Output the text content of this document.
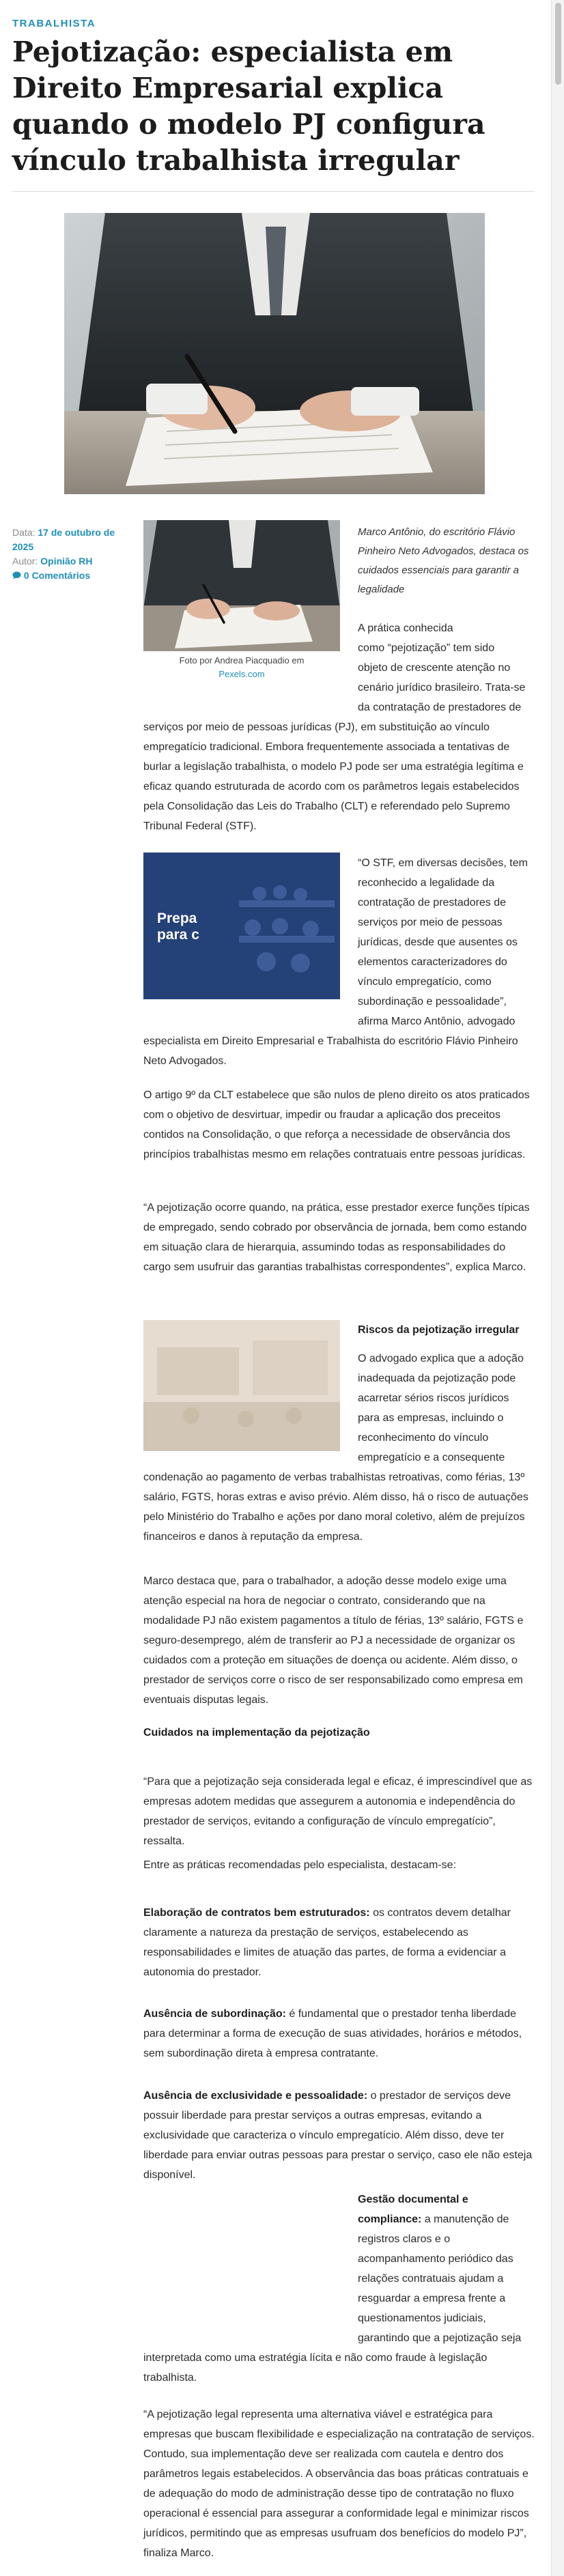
TRABALHISTA
Pejotização: especialista em Direito Empresarial explica quando o modelo PJ configura vínculo trabalhista irregular
Data: 17 de outubro de 2025
Autor: Opinião RH
0 Comentários
Foto por Andrea Piacquadio em
Pexels.com
Marco Antônio, do escritório Flávio Pinheiro Neto Advogados, destaca os cuidados essenciais para garantir a legalidade
A prática conhecida
como “pejotização” tem sido
objeto de crescente atenção no
cenário jurídico brasileiro. Trata-se
da contratação de prestadores de
serviços por meio de pessoas jurídicas (PJ), em substituição ao vínculo empregatício tradicional. Embora frequentemente associada a tentativas de burlar a legislação trabalhista, o modelo PJ pode ser uma estratégia legítima e eficaz quando estruturada de acordo com os parâmetros legais estabelecidos pela Consolidação das Leis do Trabalho (CLT) e referendado pelo Supremo Tribunal Federal (STF).
Prepa
para c
“O STF, em diversas decisões, tem
reconhecido a legalidade da
contratação de prestadores de
serviços por meio de pessoas
jurídicas, desde que ausentes os
elementos caracterizadores do
vínculo empregatício, como
subordinação e pessoalidade”,
afirma Marco Antônio, advogado
especialista em Direito Empresarial e Trabalhista do escritório Flávio Pinheiro Neto Advogados.
O artigo 9º da CLT estabelece que são nulos de pleno direito os atos praticados com o objetivo de desvirtuar, impedir ou fraudar a aplicação dos preceitos contidos na Consolidação, o que reforça a necessidade de observância dos princípios trabalhistas mesmo em relações contratuais entre pessoas jurídicas.
“A pejotização ocorre quando, na prática, esse prestador exerce funções típicas de empregado, sendo cobrado por observância de jornada, bem como estando em situação clara de hierarquia, assumindo todas as responsabilidades do cargo sem usufruir das garantias trabalhistas correspondentes”, explica Marco.
Riscos da pejotização irregular
O advogado explica que a adoção
inadequada da pejotização pode
acarretar sérios riscos jurídicos
para as empresas, incluindo o
reconhecimento do vínculo
empregatício e a consequente
condenação ao pagamento de verbas trabalhistas retroativas, como férias, 13º salário, FGTS, horas extras e aviso prévio. Além disso, há o risco de autuações pelo Ministério do Trabalho e ações por dano moral coletivo, além de prejuízos financeiros e danos à reputação da empresa.
Marco destaca que, para o trabalhador, a adoção desse modelo exige uma atenção especial na hora de negociar o contrato, considerando que na modalidade PJ não existem pagamentos a título de férias, 13º salário, FGTS e seguro-desemprego, além de transferir ao PJ a necessidade de organizar os cuidados com a proteção em situações de doença ou acidente. Além disso, o prestador de serviços corre o risco de ser responsabilizado como empresa em eventuais disputas legais.
Cuidados na implementação da pejotização
“Para que a pejotização seja considerada legal e eficaz, é imprescindível que as empresas adotem medidas que assegurem a autonomia e independência do prestador de serviços, evitando a configuração de vínculo empregatício”, ressalta.
Entre as práticas recomendadas pelo especialista, destacam-se:
Elaboração de contratos bem estruturados: os contratos devem detalhar claramente a natureza da prestação de serviços, estabelecendo as responsabilidades e limites de atuação das partes, de forma a evidenciar a autonomia do prestador.
Ausência de subordinação: é fundamental que o prestador tenha liberdade para determinar a forma de execução de suas atividades, horários e métodos, sem subordinação direta à empresa contratante.
Ausência de exclusividade e pessoalidade: o prestador de serviços deve possuir liberdade para prestar serviços a outras empresas, evitando a exclusividade que caracteriza o vínculo empregatício. Além disso, deve ter liberdade para enviar outras pessoas para prestar o serviço, caso ele não esteja disponível.
Gestão documental e
compliance: a manutenção de
registros claros e o
acompanhamento periódico das
relações contratuais ajudam a
resguardar a empresa frente a
questionamentos judiciais,
garantindo que a pejotização seja
interpretada como uma estratégia lícita e não como fraude à legislação trabalhista.
“A pejotização legal representa uma alternativa viável e estratégica para empresas que buscam flexibilidade e especialização na contratação de serviços. Contudo, sua implementação deve ser realizada com cautela e dentro dos parâmetros legais estabelecidos. A observância das boas práticas contratuais e de adequação do modo de administração desse tipo de contratação no fluxo operacional é essencial para assegurar a conformidade legal e minimizar riscos jurídicos, permitindo que as empresas usufruam dos benefícios do modelo PJ”, finaliza Marco.
